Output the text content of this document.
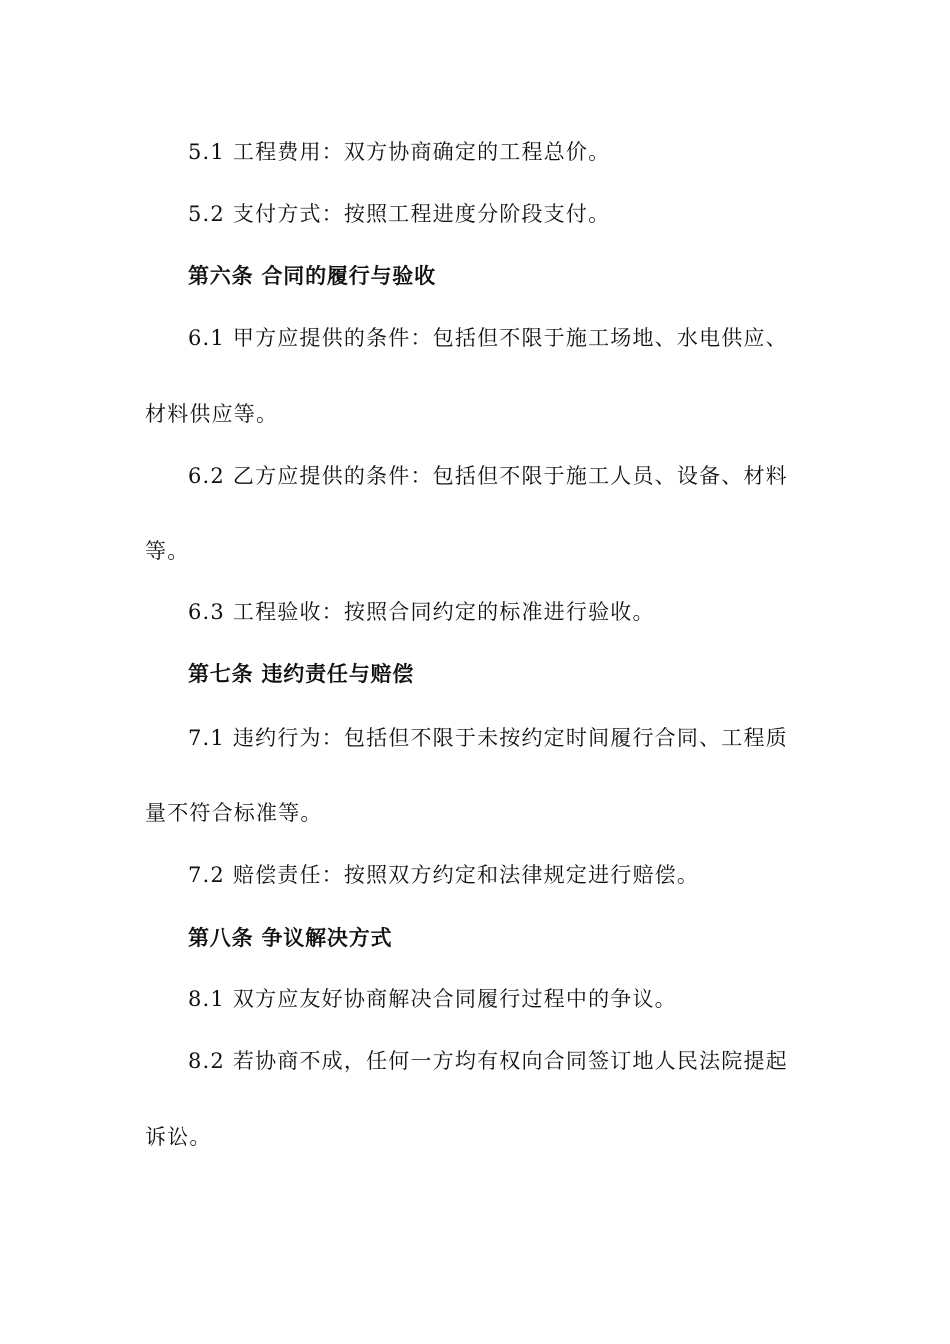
5.1 工程费用：双方协商确定的工程总价。
5.2 支付方式：按照工程进度分阶段支付。
第六条 合同的履行与验收
6.1 甲方应提供的条件：包括但不限于施工场地、水电供应、
材料供应等。
6.2 乙方应提供的条件：包括但不限于施工人员、设备、材料
等。
6.3 工程验收：按照合同约定的标准进行验收。
第七条 违约责任与赔偿
7.1 违约行为：包括但不限于未按约定时间履行合同、工程质
量不符合标准等。
7.2 赔偿责任：按照双方约定和法律规定进行赔偿。
第八条 争议解决方式
8.1 双方应友好协商解决合同履行过程中的争议。
8.2 若协商不成，任何一方均有权向合同签订地人民法院提起
诉讼。
